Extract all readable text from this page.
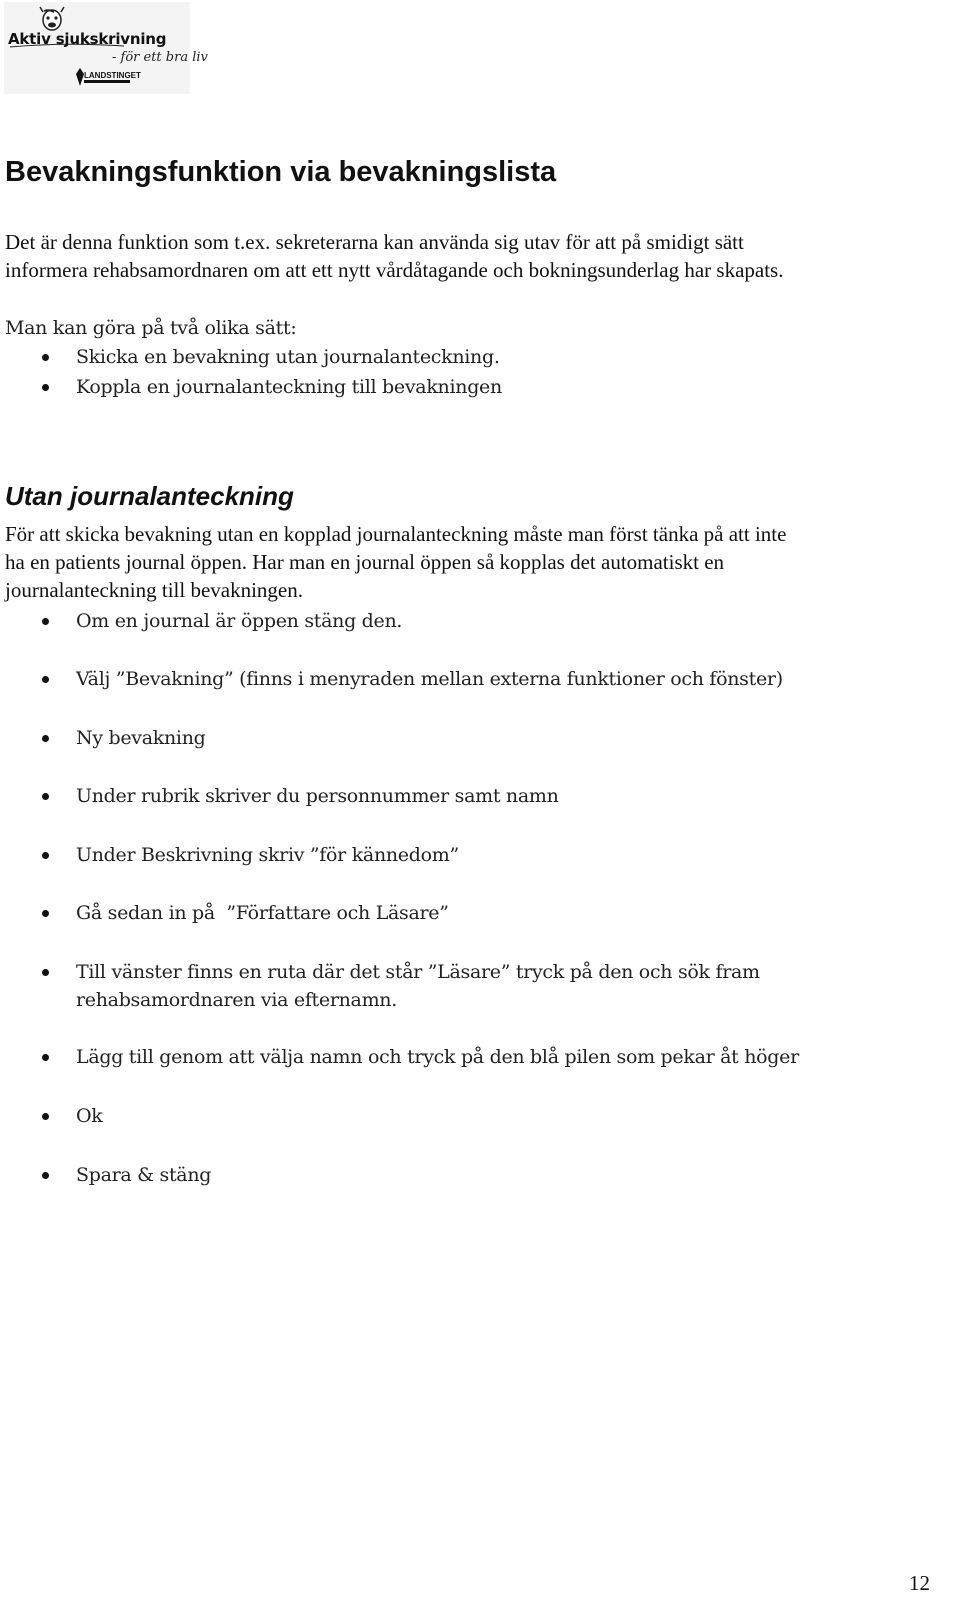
Aktiv sjukskrivning
- för ett bra liv
LANDSTINGET
Bevakningsfunktion via bevakningslista

Det är denna funktion som t.ex. sekreterarna kan använda sig utav för att på smidigt sätt

informera rehabsamordnaren om att ett nytt vårdåtagande och bokningsunderlag har skapats.

Man kan göra på två olika sätt:

Skicka en bevakning utan journalanteckning.
Koppla en journalanteckning till bevakningen
Utan journalanteckning

För att skicka bevakning utan en kopplad journalanteckning måste man först tänka på att inte

ha en patients journal öppen. Har man en journal öppen så kopplas det automatiskt en

journalanteckning till bevakningen.

Om en journal är öppen stäng den.
Välj ”Bevakning” (finns i menyraden mellan externa funktioner och fönster)
Ny bevakning
Under rubrik skriver du personnummer samt namn
Under Beskrivning skriv ”för kännedom”
Gå sedan in på  ”Författare och Läsare”
Till vänster finns en ruta där det står ”Läsare” tryck på den och sök fram rehabsamordnaren via efternamn.
Lägg till genom att välja namn och tryck på den blå pilen som pekar åt höger
Ok
Spara & stäng
12
